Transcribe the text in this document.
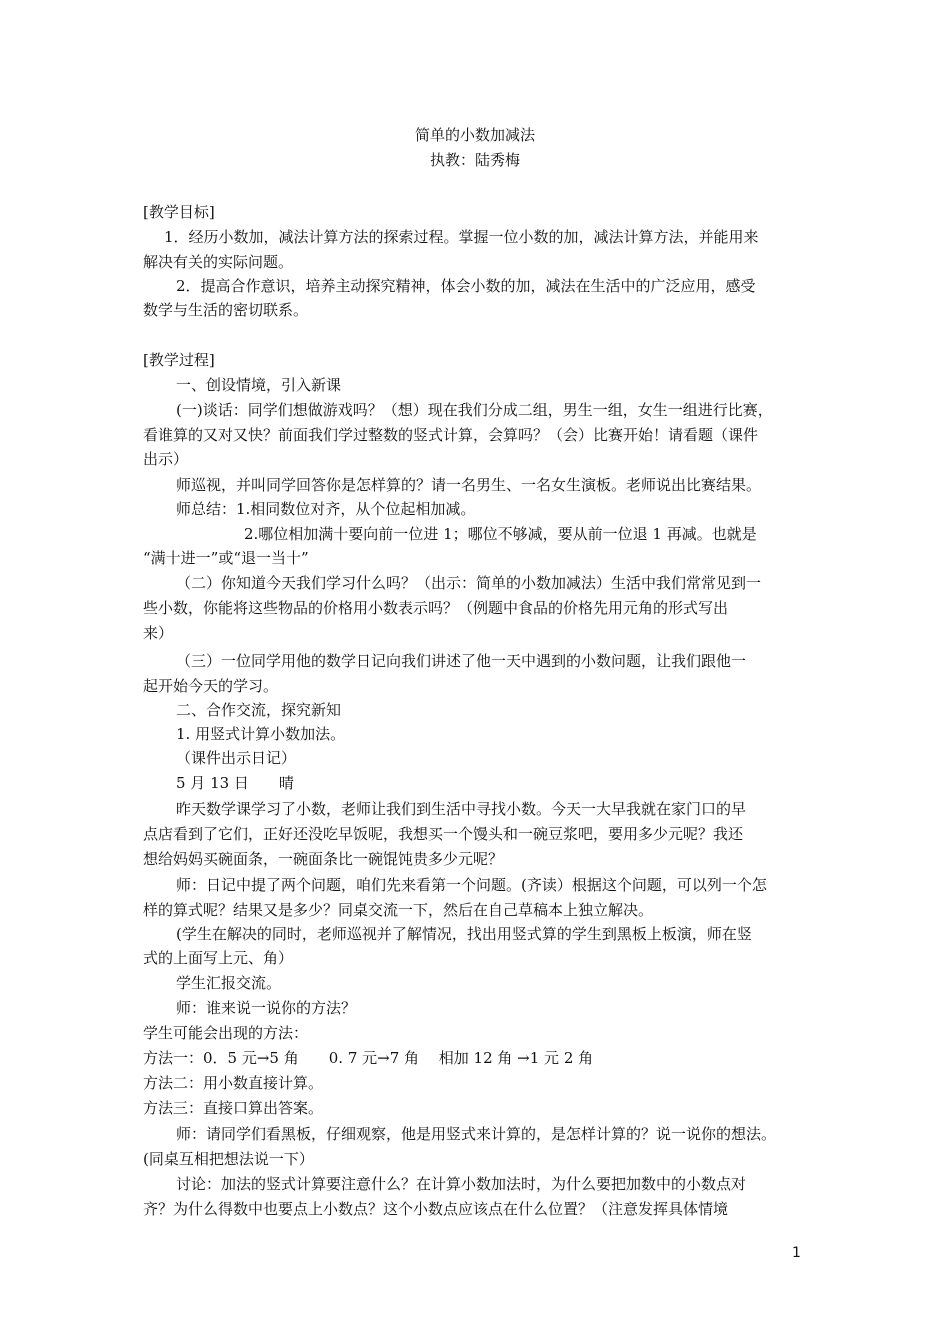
简单的小数加减法
执教：陆秀梅
[教学目标]
1．经历小数加，减法计算方法的探索过程。掌握一位小数的加，减法计算方法，并能用来
解决有关的实际问题。
2．提高合作意识，培养主动探究精神，体会小数的加，减法在生活中的广泛应用，感受
数学与生活的密切联系。
[教学过程]
一、创设情境，引入新课
(一)谈话：同学们想做游戏吗？（想）现在我们分成二组，男生一组，女生一组进行比赛，
看谁算的又对又快？前面我们学过整数的竖式计算，会算吗？（会）比赛开始！请看题（课件
出示）
师巡视，并叫同学回答你是怎样算的？请一名男生、一名女生演板。老师说出比赛结果。
师总结：1.相同数位对齐，从个位起相加减。
2.哪位相加满十要向前一位进 1；哪位不够减，要从前一位退 1 再减。也就是
“满十进一”或“退一当十”
（二）你知道今天我们学习什么吗？（出示：简单的小数加减法）生活中我们常常见到一
些小数，你能将这些物品的价格用小数表示吗？（例题中食品的价格先用元角的形式写出
来）
（三）一位同学用他的数学日记向我们讲述了他一天中遇到的小数问题，让我们跟他一
起开始今天的学习。
二、合作交流，探究新知
1. 用竖式计算小数加法。
（课件出示日记）
5 月 13 日　　晴
昨天数学课学习了小数，老师让我们到生活中寻找小数。今天一大早我就在家门口的早
点店看到了它们，正好还没吃早饭呢，我想买一个馒头和一碗豆浆吧，要用多少元呢？我还
想给妈妈买碗面条，一碗面条比一碗馄饨贵多少元呢？
师：日记中提了两个问题，咱们先来看第一个问题。(齐读）根据这个问题，可以列一个怎
样的算式呢？结果又是多少？同桌交流一下，然后在自己草稿本上独立解决。
(学生在解决的同时，老师巡视并了解情况，找出用竖式算的学生到黑板上板演，师在竖
式的上面写上元、角）
学生汇报交流。
师：谁来说一说你的方法？
学生可能会出现的方法：
方法一：0．5 元→5 角　　0. 7 元→7 角　 相加 12 角 →1 元 2 角
方法二：用小数直接计算。
方法三：直接口算出答案。
师：请同学们看黑板，仔细观察，他是用竖式来计算的，是怎样计算的？说一说你的想法。
(同桌互相把想法说一下）
讨论：加法的竖式计算要注意什么？在计算小数加法时，为什么要把加数中的小数点对
齐？为什么得数中也要点上小数点？这个小数点应该点在什么位置？（注意发挥具体情境
1
